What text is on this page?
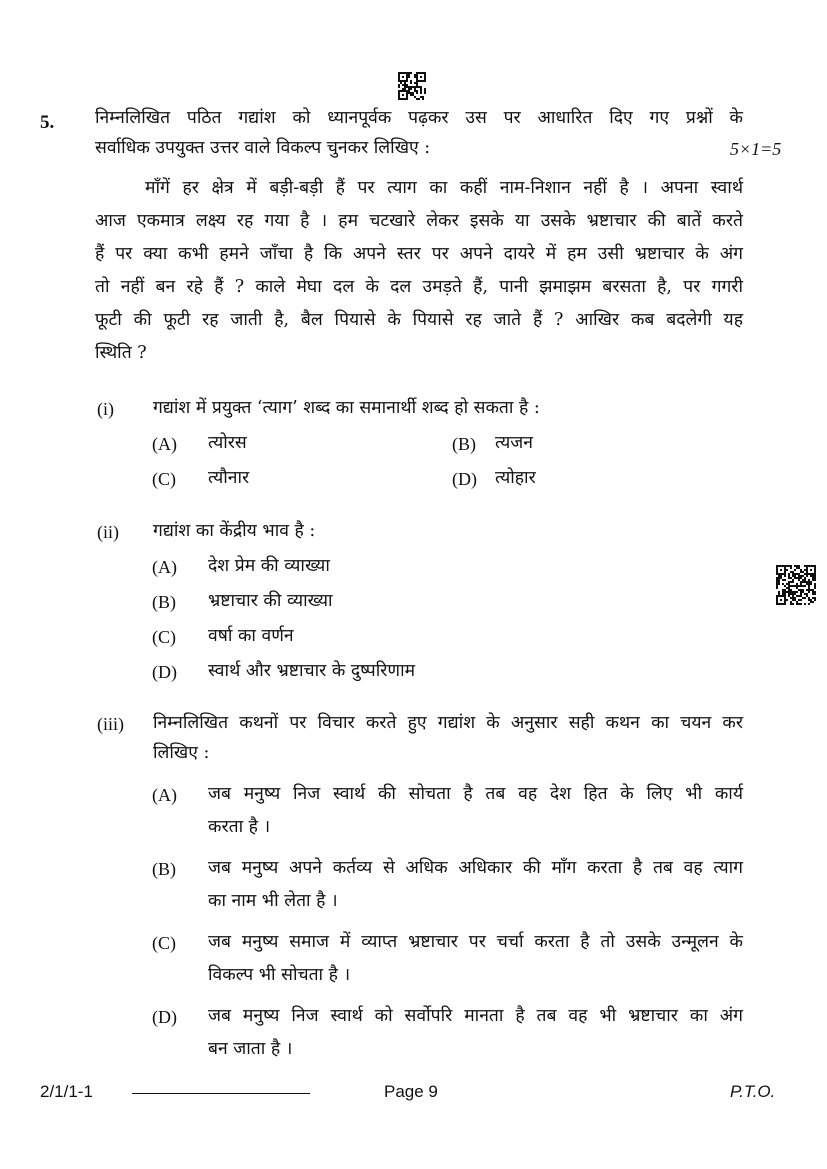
5. निम्नलिखित पठित गद्यांश को ध्यानपूर्वक पढ़कर उस पर आधारित दिए गए प्रश्नों के
सर्वाधिक उपयुक्त उत्तर वाले विकल्प चुनकर लिखिए :	5×1=5
माँगें हर क्षेत्र में बड़ी-बड़ी हैं पर त्याग का कहीं नाम-निशान नहीं है । अपना स्वार्थ
आज एकमात्र लक्ष्य रह गया है । हम चटखारे लेकर इसके या उसके भ्रष्टाचार की बातें करते
हैं पर क्या कभी हमने जाँचा है कि अपने स्तर पर अपने दायरे में हम उसी भ्रष्टाचार के अंग
तो नहीं बन रहे हैं ? काले मेघा दल के दल उमड़ते हैं, पानी झमाझम बरसता है, पर गगरी
फूटी की फूटी रह जाती है, बैल पियासे के पियासे रह जाते हैं ? आखिर कब बदलेगी यह
स्थिति ?
(i) गद्यांश में प्रयुक्त ‘त्याग’ शब्द का समानार्थी शब्द हो सकता है :
(A) त्योरस	(B) त्यजन
(C) त्यौनार	(D) त्योहार
(ii) गद्यांश का केंद्रीय भाव है :
(A) देश प्रेम की व्याख्या
(B) भ्रष्टाचार की व्याख्या
(C) वर्षा का वर्णन
(D) स्वार्थ और भ्रष्टाचार के दुष्परिणाम
(iii) निम्नलिखित कथनों पर विचार करते हुए गद्यांश के अनुसार सही कथन का चयन कर
लिखिए :
(A) जब मनुष्य निज स्वार्थ की सोचता है तब वह देश हित के लिए भी कार्य
करता है ।
(B) जब मनुष्य अपने कर्तव्य से अधिक अधिकार की माँग करता है तब वह त्याग
का नाम भी लेता है ।
(C) जब मनुष्य समाज में व्याप्त भ्रष्टाचार पर चर्चा करता है तो उसके उन्मूलन के
विकल्प भी सोचता है ।
(D) जब मनुष्य निज स्वार्थ को सर्वोपरि मानता है तब वह भी भ्रष्टाचार का अंग
बन जाता है ।
2/1/1-1	Page 9	P.T.O.
